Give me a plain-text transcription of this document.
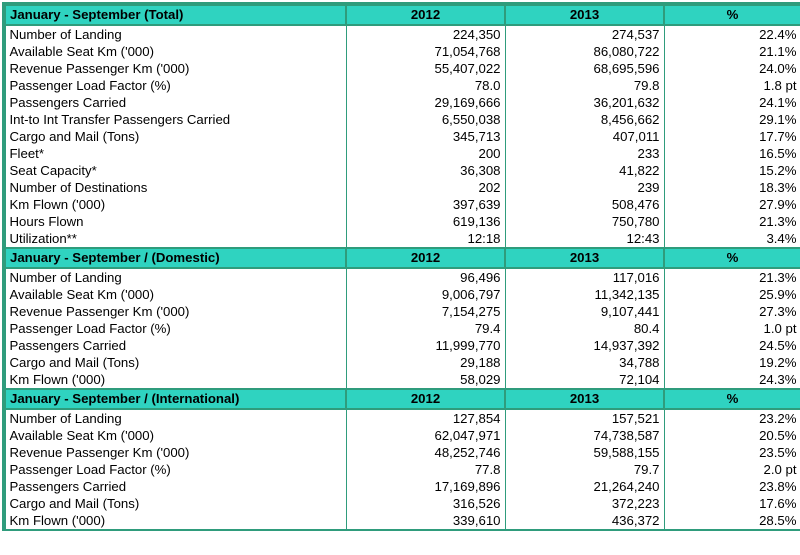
January - September (Total)	2012	2013	%
Number of Landing	224,350	274,537	22.4%
Available Seat Km ('000)	71,054,768	86,080,722	21.1%
Revenue Passenger Km ('000)	55,407,022	68,695,596	24.0%
Passenger Load Factor (%)	78.0	79.8	1.8 pt
Passengers Carried	29,169,666	36,201,632	24.1%
Int-to Int Transfer Passengers Carried	6,550,038	8,456,662	29.1%
Cargo and Mail (Tons)	345,713	407,011	17.7%
Fleet*	200	233	16.5%
Seat Capacity*	36,308	41,822	15.2%
Number of Destinations	202	239	18.3%
Km Flown ('000)	397,639	508,476	27.9%
Hours Flown	619,136	750,780	21.3%
Utilization**	12:18	12:43	3.4%
January - September / (Domestic)	2012	2013	%
Number of Landing	96,496	117,016	21.3%
Available Seat Km ('000)	9,006,797	11,342,135	25.9%
Revenue Passenger Km ('000)	7,154,275	9,107,441	27.3%
Passenger Load Factor (%)	79.4	80.4	1.0 pt
Passengers Carried	11,999,770	14,937,392	24.5%
Cargo and Mail (Tons)	29,188	34,788	19.2%
Km Flown ('000)	58,029	72,104	24.3%
January - September / (International)	2012	2013	%
Number of Landing	127,854	157,521	23.2%
Available Seat Km ('000)	62,047,971	74,738,587	20.5%
Revenue Passenger Km ('000)	48,252,746	59,588,155	23.5%
Passenger Load Factor (%)	77.8	79.7	2.0 pt
Passengers Carried	17,169,896	21,264,240	23.8%
Cargo and Mail (Tons)	316,526	372,223	17.6%
Km Flown ('000)	339,610	436,372	28.5%
